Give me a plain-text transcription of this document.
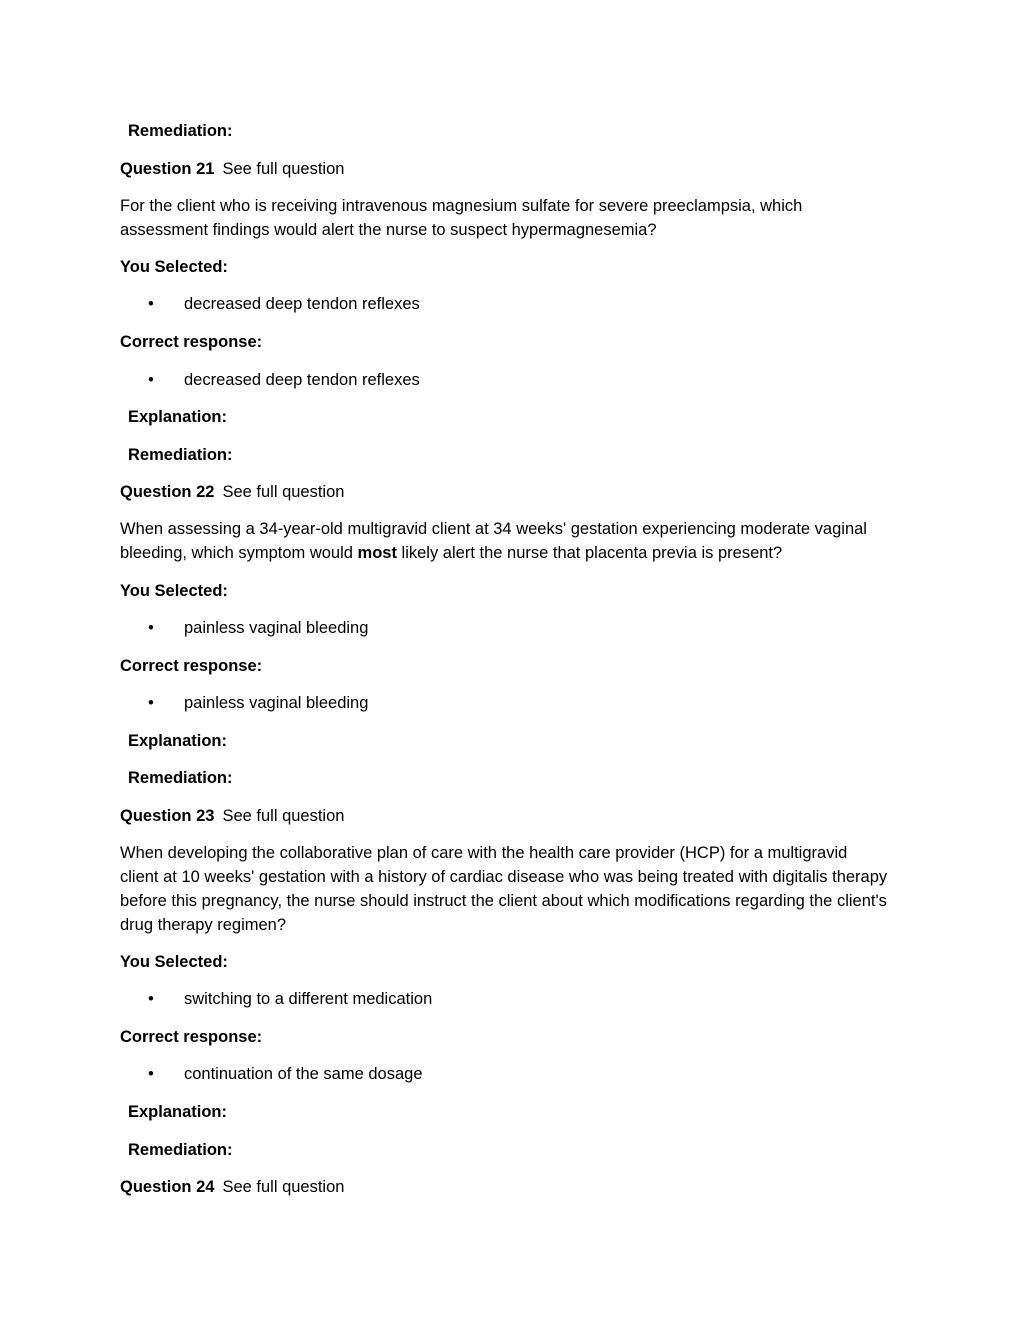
Remediation:
Question 21 See full question
For the client who is receiving intravenous magnesium sulfate for severe preeclampsia, which assessment findings would alert the nurse to suspect hypermagnesemia?
You Selected:
• decreased deep tendon reflexes
Correct response:
• decreased deep tendon reflexes
Explanation:
Remediation:
Question 22 See full question
When assessing a 34-year-old multigravid client at 34 weeks' gestation experiencing moderate vaginal bleeding, which symptom would most likely alert the nurse that placenta previa is present?
You Selected:
• painless vaginal bleeding
Correct response:
• painless vaginal bleeding
Explanation:
Remediation:
Question 23 See full question
When developing the collaborative plan of care with the health care provider (HCP) for a multigravid client at 10 weeks' gestation with a history of cardiac disease who was being treated with digitalis therapy before this pregnancy, the nurse should instruct the client about which modifications regarding the client's drug therapy regimen?
You Selected:
• switching to a different medication
Correct response:
• continuation of the same dosage
Explanation:
Remediation:
Question 24 See full question
